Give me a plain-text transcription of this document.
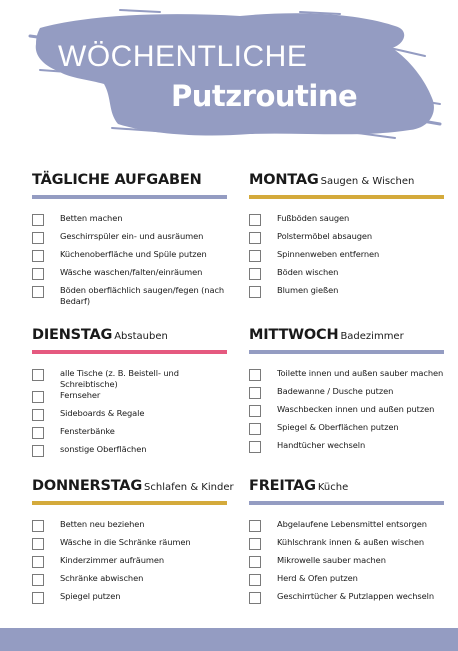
WÖCHENTLICHE
Putzroutine
TÄGLICHE AUFGABEN
Betten machen
Geschirrspüler ein- und ausräumen
Küchenoberfläche und Spüle putzen
Wäsche waschen/falten/einräumen
Böden oberflächlich saugen/fegen (nach Bedarf)
MONTAG Saugen & Wischen
Fußböden saugen
Polstermöbel absaugen
Spinnenweben entfernen
Böden wischen
Blumen gießen
DIENSTAG Abstauben
alle Tische (z. B. Beistell- und Schreibtische)
Fernseher
Sideboards & Regale
Fensterbänke
sonstige Oberflächen
MITTWOCH Badezimmer
Toilette innen und außen sauber machen
Badewanne / Dusche putzen
Waschbecken innen und außen putzen
Spiegel & Oberflächen putzen
Handtücher wechseln
DONNERSTAG Schlafen & Kinder
Betten neu beziehen
Wäsche in die Schränke räumen
Kinderzimmer aufräumen
Schränke abwischen
Spiegel putzen
FREITAG Küche
Abgelaufene Lebensmittel entsorgen
Kühlschrank innen & außen wischen
Mikrowelle sauber machen
Herd & Ofen putzen
Geschirrtücher & Putzlappen wechseln
